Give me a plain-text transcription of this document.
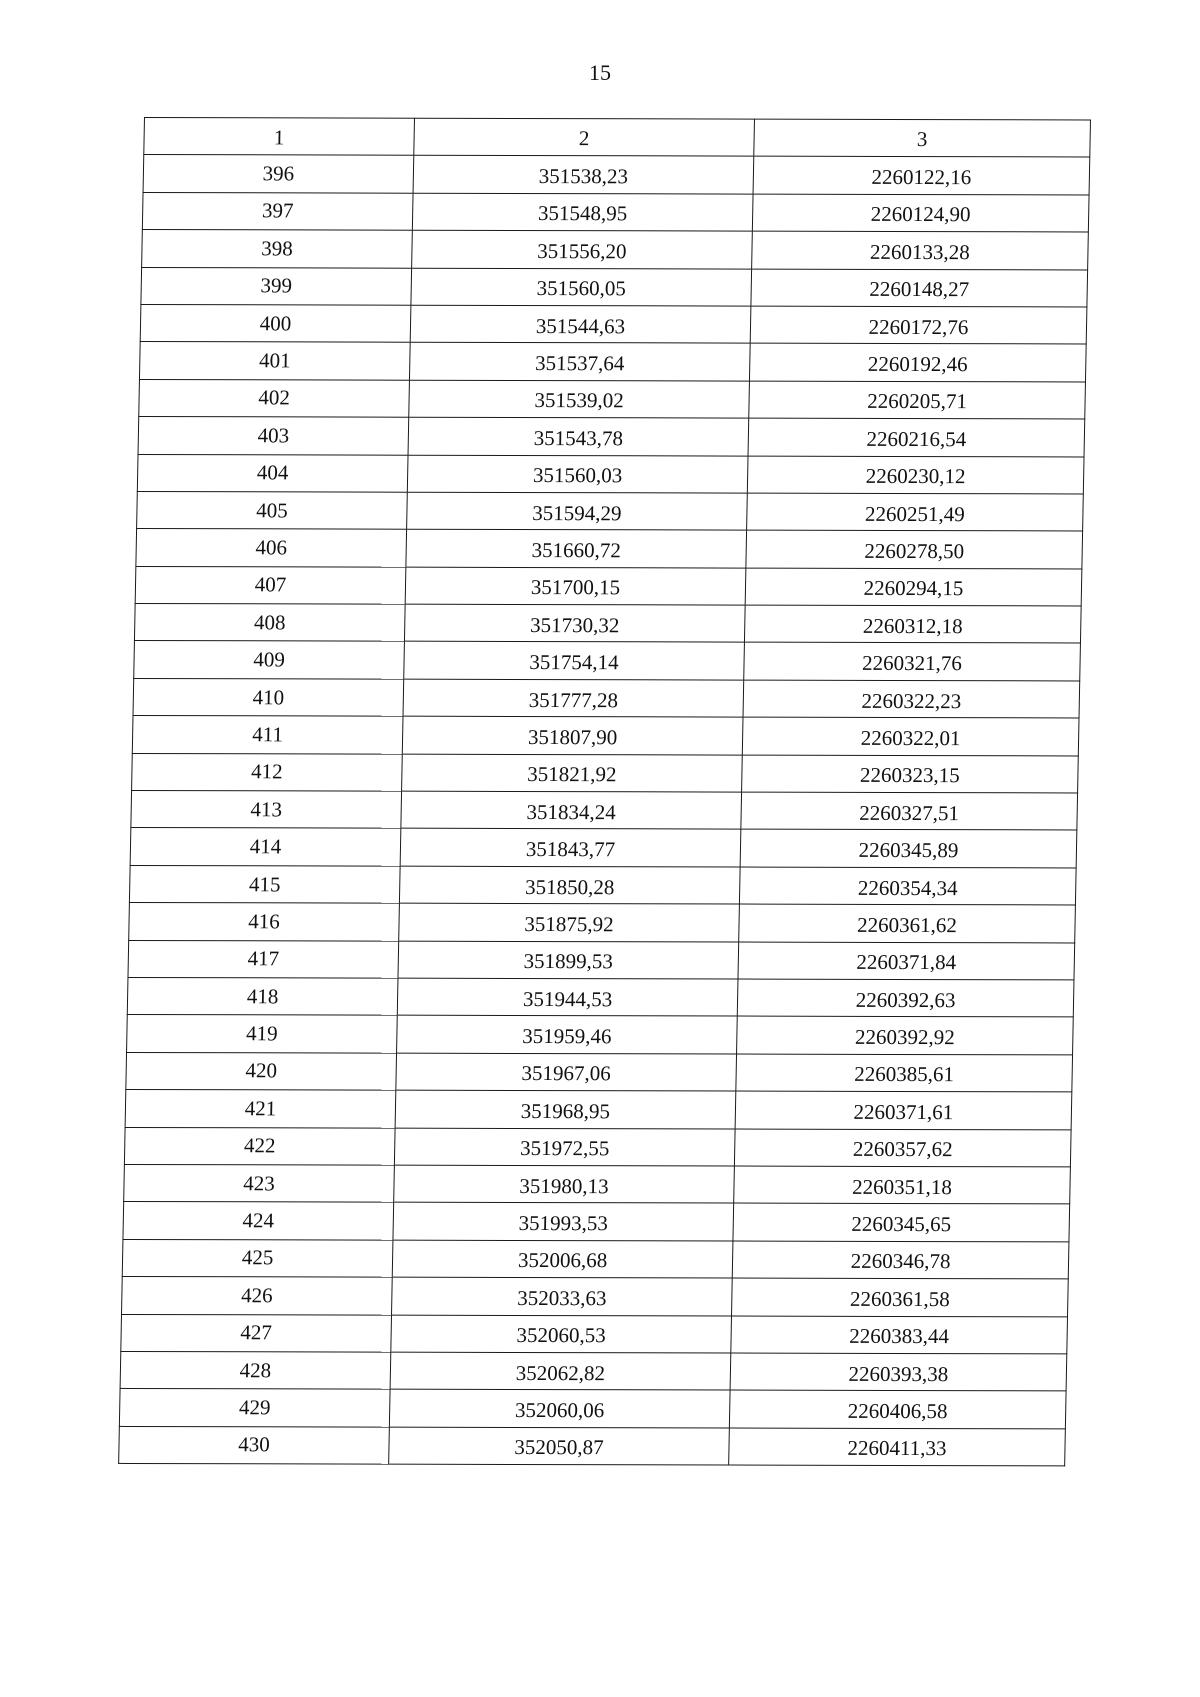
15
1	2	3
396	351538,23	2260122,16
397	351548,95	2260124,90
398	351556,20	2260133,28
399	351560,05	2260148,27
400	351544,63	2260172,76
401	351537,64	2260192,46
402	351539,02	2260205,71
403	351543,78	2260216,54
404	351560,03	2260230,12
405	351594,29	2260251,49
406	351660,72	2260278,50
407	351700,15	2260294,15
408	351730,32	2260312,18
409	351754,14	2260321,76
410	351777,28	2260322,23
411	351807,90	2260322,01
412	351821,92	2260323,15
413	351834,24	2260327,51
414	351843,77	2260345,89
415	351850,28	2260354,34
416	351875,92	2260361,62
417	351899,53	2260371,84
418	351944,53	2260392,63
419	351959,46	2260392,92
420	351967,06	2260385,61
421	351968,95	2260371,61
422	351972,55	2260357,62
423	351980,13	2260351,18
424	351993,53	2260345,65
425	352006,68	2260346,78
426	352033,63	2260361,58
427	352060,53	2260383,44
428	352062,82	2260393,38
429	352060,06	2260406,58
430	352050,87	2260411,33
